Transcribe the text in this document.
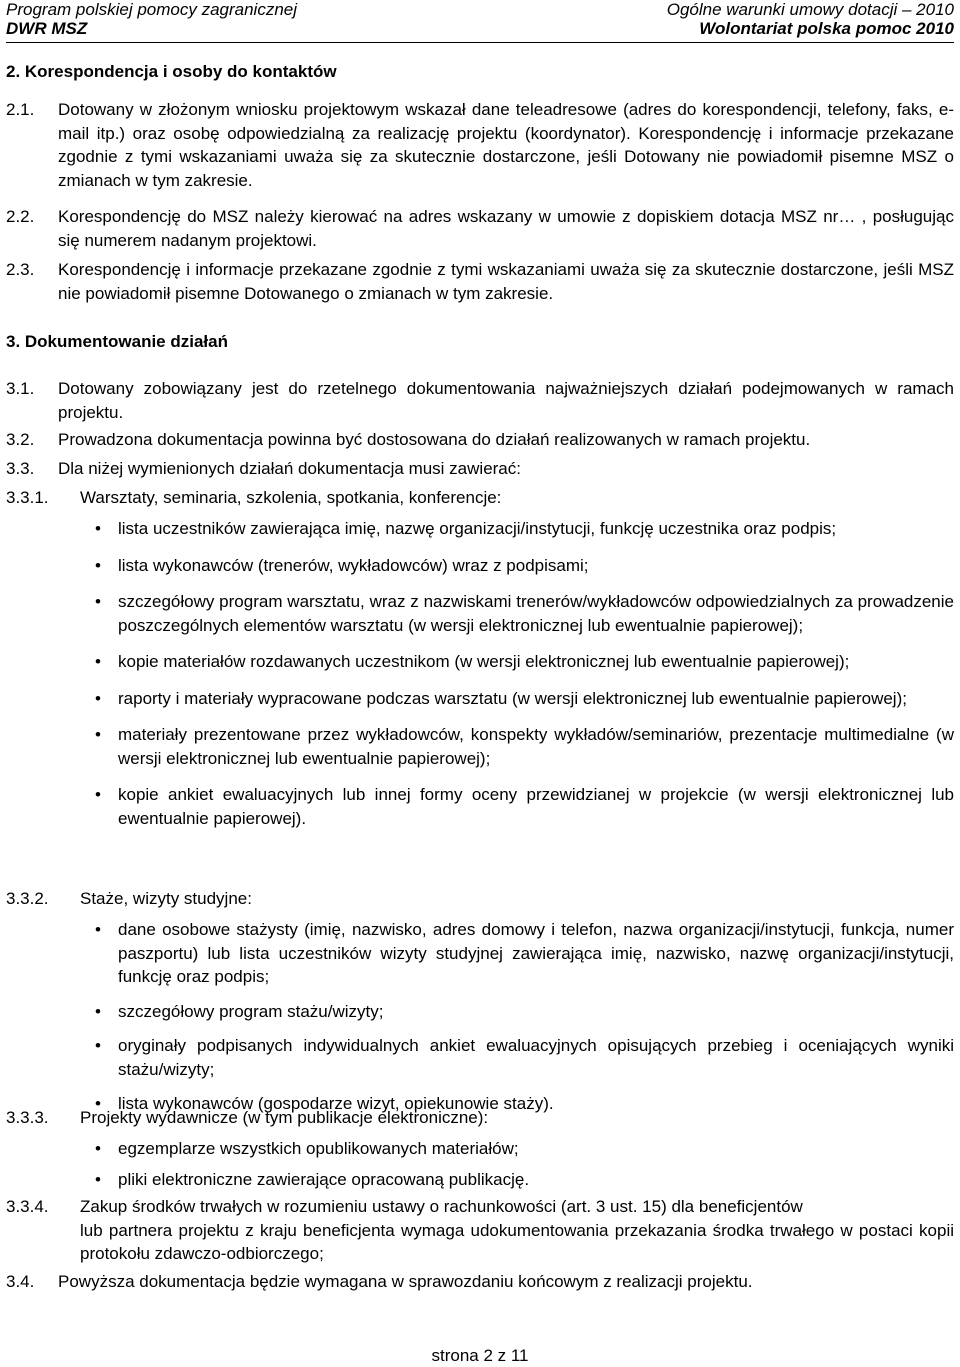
Program polskiej pomocy zagranicznej
DWR MSZ
Ogólne warunki umowy dotacji – 2010
Wolontariat polska pomoc 2010
2. Korespondencja i osoby do kontaktów
2.1. Dotowany w złożonym wniosku projektowym wskazał dane teleadresowe (adres do korespondencji, telefony, faks, e-mail itp.) oraz osobę odpowiedzialną za realizację projektu (koordynator). Korespondencję i informacje przekazane zgodnie z tymi wskazaniami uważa się za skutecznie dostarczone, jeśli Dotowany nie powiadomił pisemne MSZ o zmianach w tym zakresie.
2.2. Korespondencję do MSZ należy kierować na adres wskazany w umowie z dopiskiem dotacja MSZ nr… , posługując się numerem nadanym projektowi.
2.3. Korespondencję i informacje przekazane zgodnie z tymi wskazaniami uważa się za skutecznie dostarczone, jeśli MSZ nie powiadomił pisemne Dotowanego o zmianach w tym zakresie.
3. Dokumentowanie działań
3.1. Dotowany zobowiązany jest do rzetelnego dokumentowania najważniejszych działań podejmowanych w ramach projektu.
3.2. Prowadzona dokumentacja powinna być dostosowana do działań realizowanych w ramach projektu.
3.3. Dla niżej wymienionych działań dokumentacja musi zawierać:
3.3.1. Warsztaty, seminaria, szkolenia, spotkania, konferencje:
• lista uczestników zawierająca imię, nazwę organizacji/instytucji, funkcję uczestnika oraz podpis;
• lista wykonawców (trenerów, wykładowców) wraz z podpisami;
• szczegółowy program warsztatu, wraz z nazwiskami trenerów/wykładowców odpowiedzialnych za prowadzenie poszczególnych elementów warsztatu (w wersji elektronicznej lub ewentualnie papierowej);
• kopie materiałów rozdawanych uczestnikom (w wersji elektronicznej lub ewentualnie papierowej);
• raporty i materiały wypracowane podczas warsztatu (w wersji elektronicznej lub ewentualnie papierowej);
• materiały prezentowane przez wykładowców, konspekty wykładów/seminariów, prezentacje multimedialne (w wersji elektronicznej lub ewentualnie papierowej);
• kopie ankiet ewaluacyjnych lub innej formy oceny przewidzianej w projekcie (w wersji elektronicznej lub ewentualnie papierowej).
3.3.2. Staże, wizyty studyjne:
• dane osobowe stażysty (imię, nazwisko, adres domowy i telefon, nazwa organizacji/instytucji, funkcja, numer paszportu) lub lista uczestników wizyty studyjnej zawierająca imię, nazwisko, nazwę organizacji/instytucji, funkcję oraz podpis;
• szczegółowy program stażu/wizyty;
• oryginały podpisanych indywidualnych ankiet ewaluacyjnych opisujących przebieg i oceniających wyniki stażu/wizyty;
• lista wykonawców (gospodarze wizyt, opiekunowie staży).
3.3.3. Projekty wydawnicze (w tym publikacje elektroniczne):
• egzemplarze wszystkich opublikowanych materiałów;
• pliki elektroniczne zawierające opracowaną publikację.
3.3.4. Zakup środków trwałych w rozumieniu ustawy o rachunkowości (art. 3 ust. 15) dla beneficjentów
lub partnera projektu z kraju beneficjenta wymaga udokumentowania przekazania środka trwałego w postaci kopii protokołu zdawczo-odbiorczego;
3.4. Powyższa dokumentacja będzie wymagana w sprawozdaniu końcowym z realizacji projektu.
strona 2 z 11
